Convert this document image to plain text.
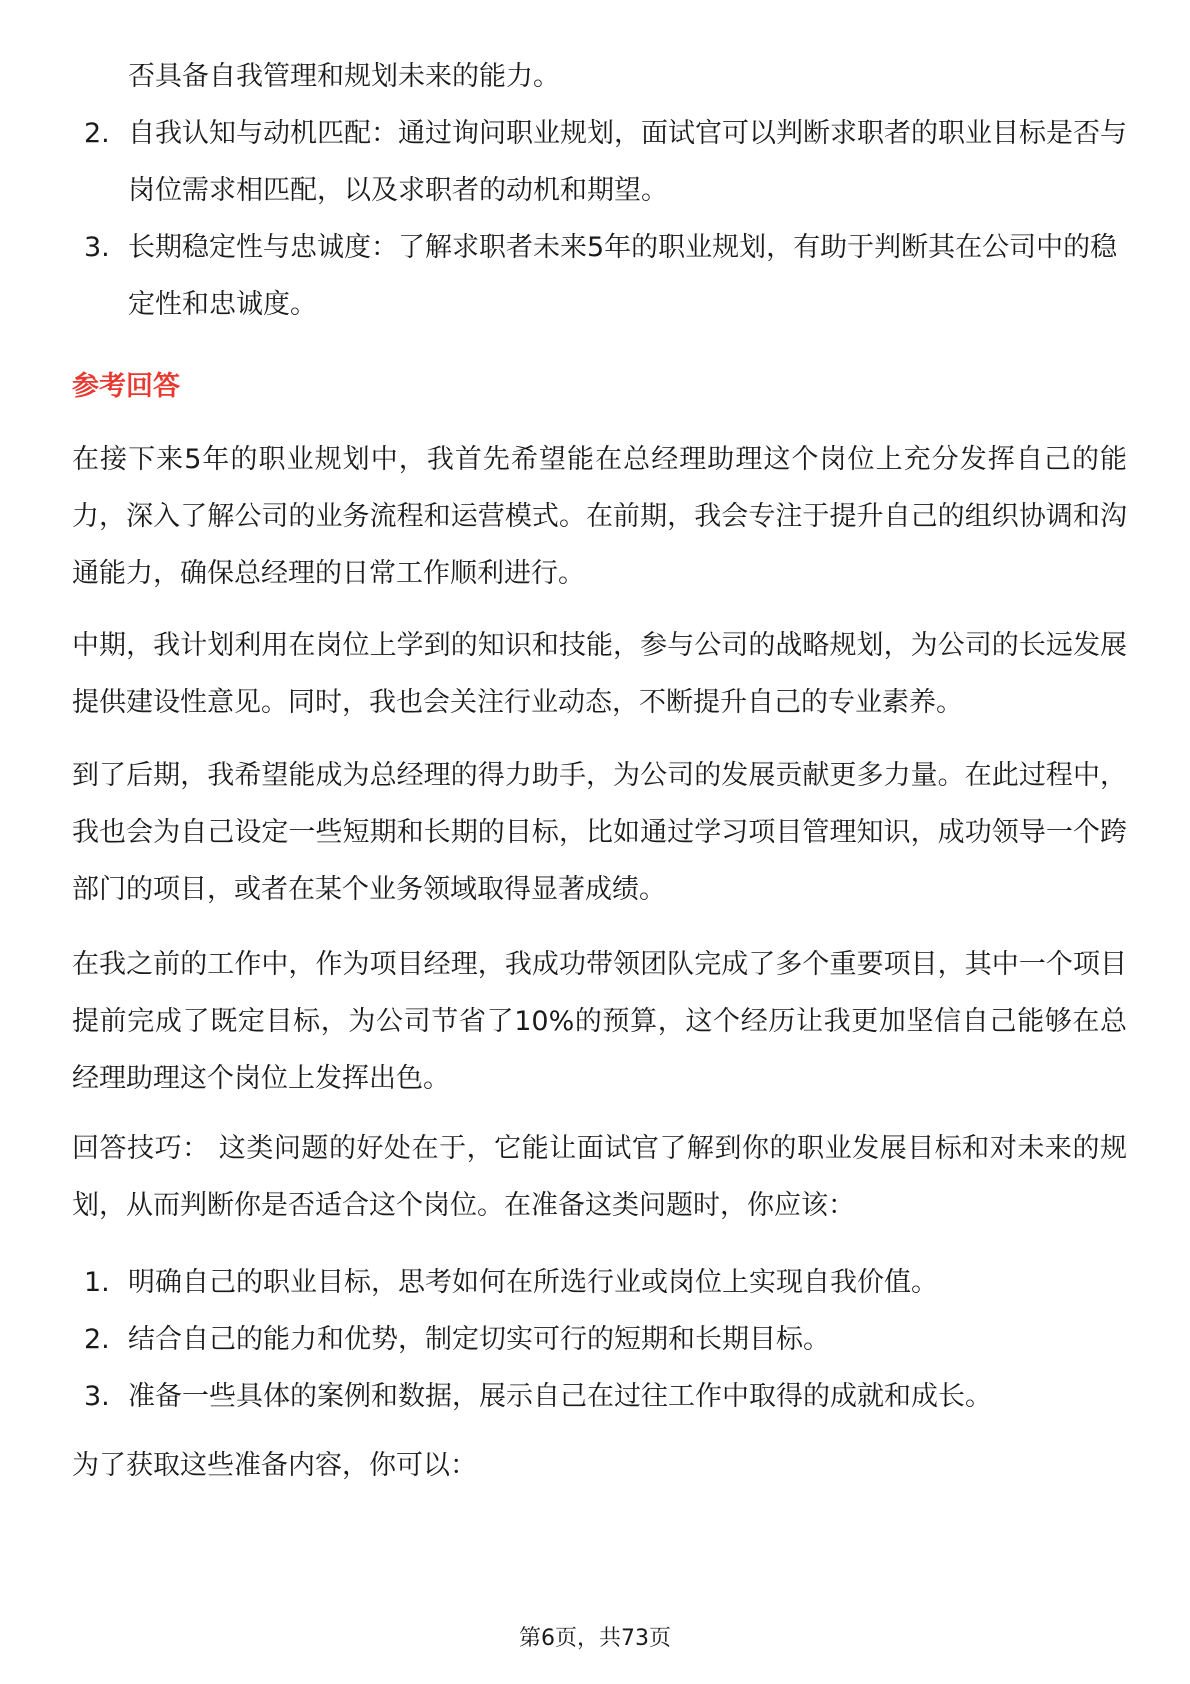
否具备自我管理和规划未来的能力。
2. 自我认知与动机匹配：通过询问职业规划，面试官可以判断求职者的职业目标是否与岗位需求相匹配，以及求职者的动机和期望。
3. 长期稳定性与忠诚度：了解求职者未来5年的职业规划，有助于判断其在公司中的稳定性和忠诚度。
参考回答

在接下来5年的职业规划中，我首先希望能在总经理助理这个岗位上充分发挥自己的能力，深入了解公司的业务流程和运营模式。在前期，我会专注于提升自己的组织协调和沟通能力，确保总经理的日常工作顺利进行。

中期，我计划利用在岗位上学到的知识和技能，参与公司的战略规划，为公司的长远发展提供建设性意见。同时，我也会关注行业动态，不断提升自己的专业素养。

到了后期，我希望能成为总经理的得力助手，为公司的发展贡献更多力量。在此过程中，我也会为自己设定一些短期和长期的目标，比如通过学习项目管理知识，成功领导一个跨部门的项目，或者在某个业务领域取得显著成绩。

在我之前的工作中，作为项目经理，我成功带领团队完成了多个重要项目，其中一个项目提前完成了既定目标，为公司节省了10%的预算，这个经历让我更加坚信自己能够在总经理助理这个岗位上发挥出色。

回答技巧： 这类问题的好处在于，它能让面试官了解到你的职业发展目标和对未来的规划，从而判断你是否适合这个岗位。在准备这类问题时，你应该：

1. 明确自己的职业目标，思考如何在所选行业或岗位上实现自我价值。
2. 结合自己的能力和优势，制定切实可行的短期和长期目标。
3. 准备一些具体的案例和数据，展示自己在过往工作中取得的成就和成长。

为了获取这些准备内容，你可以：

第6页，共73页
